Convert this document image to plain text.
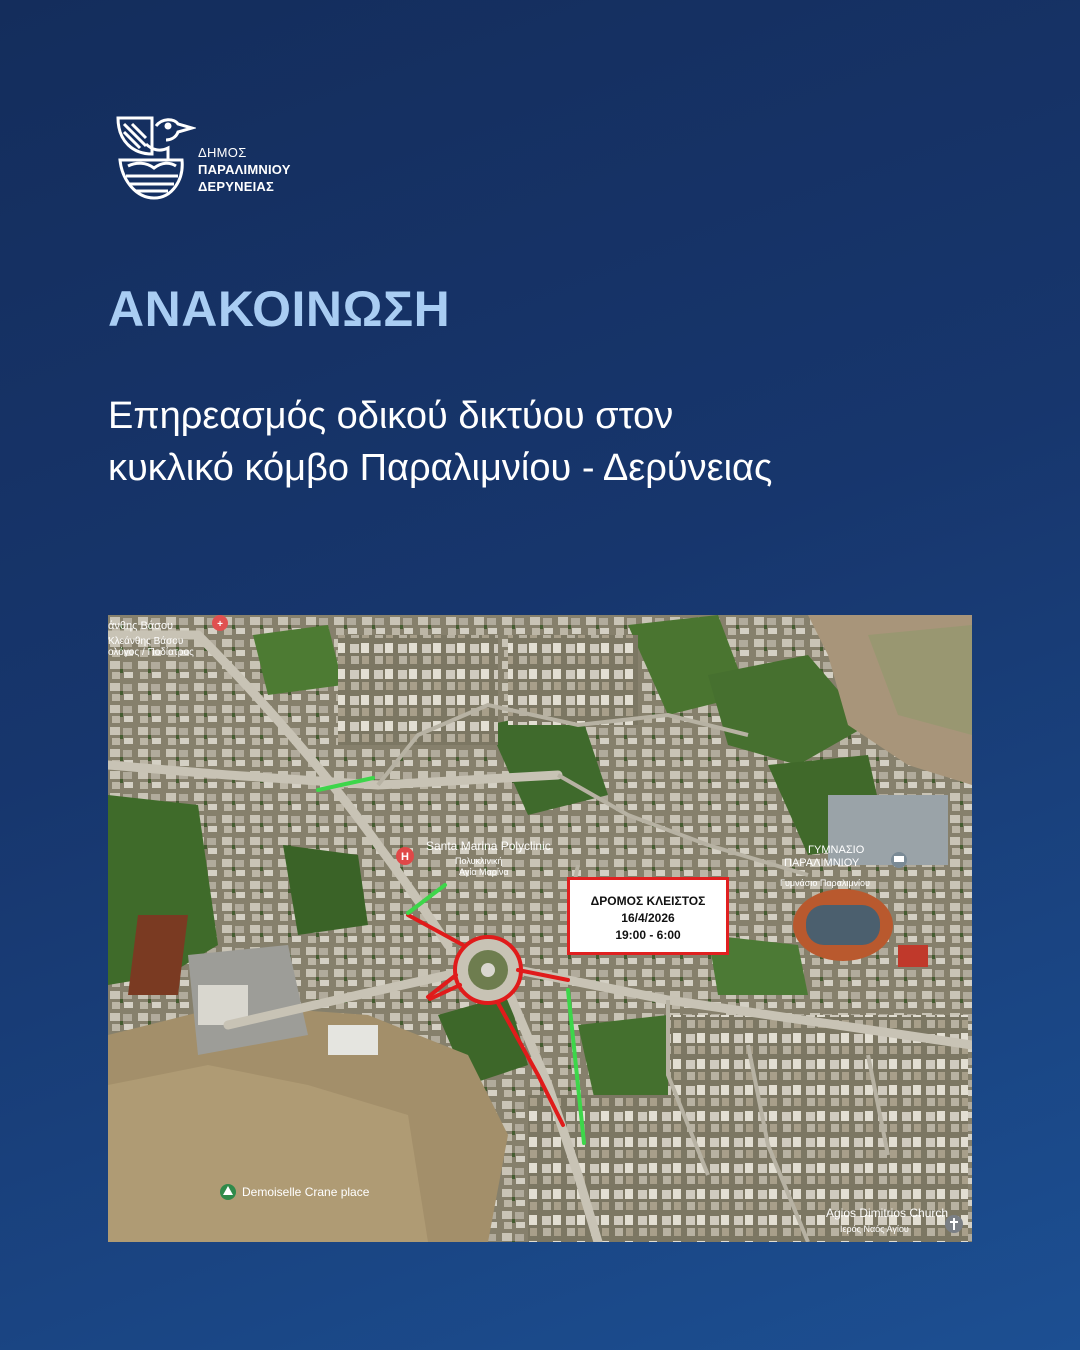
ΔΗΜΟΣ
ΠΑΡΑΛΙΜΝΙΟΥ
ΔΕΡΥΝΕΙΑΣ
ΑΝΑΚΟΙΝΩΣΗ
Επηρεασμός οδικού δικτύου στον
κυκλικό κόμβο Παραλιμνίου - Δερύνειας
+
H
άνθης Βάσου
Κλεάνθης Βάσου
ολόγος / Ποδίατρος
Santa Marina Polyclinic
Πολυκλινική
Αγία Μαρίνα
ΓΥΜΝΑΣΙΟ
ΠΑΡΑΛΙΜΝΙΟΥ
Γυμνάσιο Παραλιμνίου
Demoiselle Crane place
Agios Dimitrios Church
Ιερός Ναός Αγίου
ΔΡΟΜΟΣ ΚΛΕΙΣΤΟΣ
16/4/2026
19:00 - 6:00
